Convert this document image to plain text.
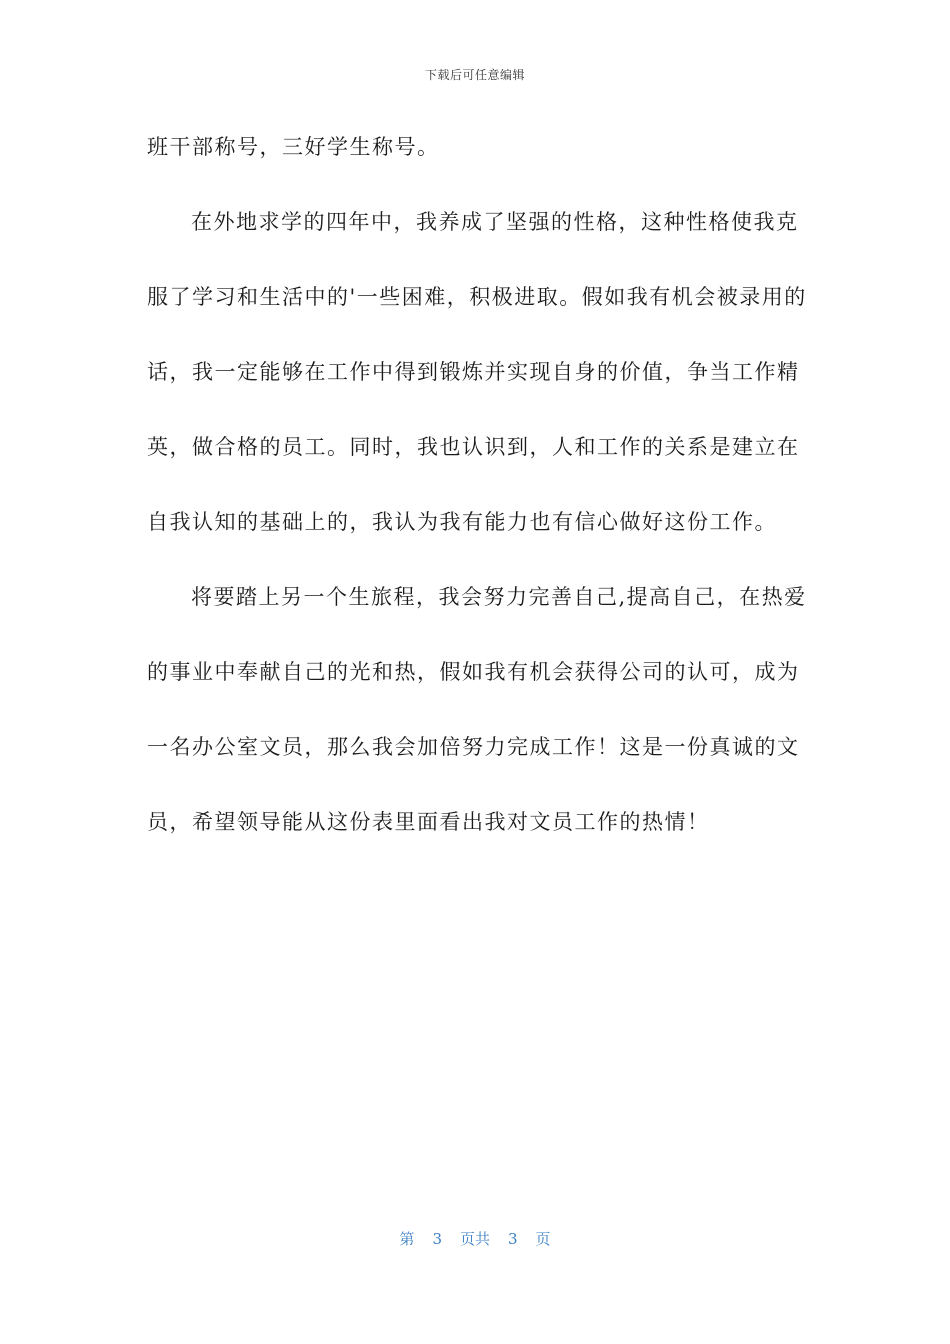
下载后可任意编辑
班干部称号，三好学生称号。
在外地求学的四年中，我养成了坚强的性格，这种性格使我克
服了学习和生活中的'一些困难，积极进取。假如我有机会被录用的
话，我一定能够在工作中得到锻炼并实现自身的价值，争当工作精
英，做合格的员工。同时，我也认识到，人和工作的关系是建立在
自我认知的基础上的，我认为我有能力也有信心做好这份工作。
将要踏上另一个生旅程，我会努力完善自己,提高自己，在热爱
的事业中奉献自己的光和热，假如我有机会获得公司的认可，成为
一名办公室文员，那么我会加倍努力完成工作！这是一份真诚的文
员，希望领导能从这份表里面看出我对文员工作的热情！
第 3 页共 3 页
